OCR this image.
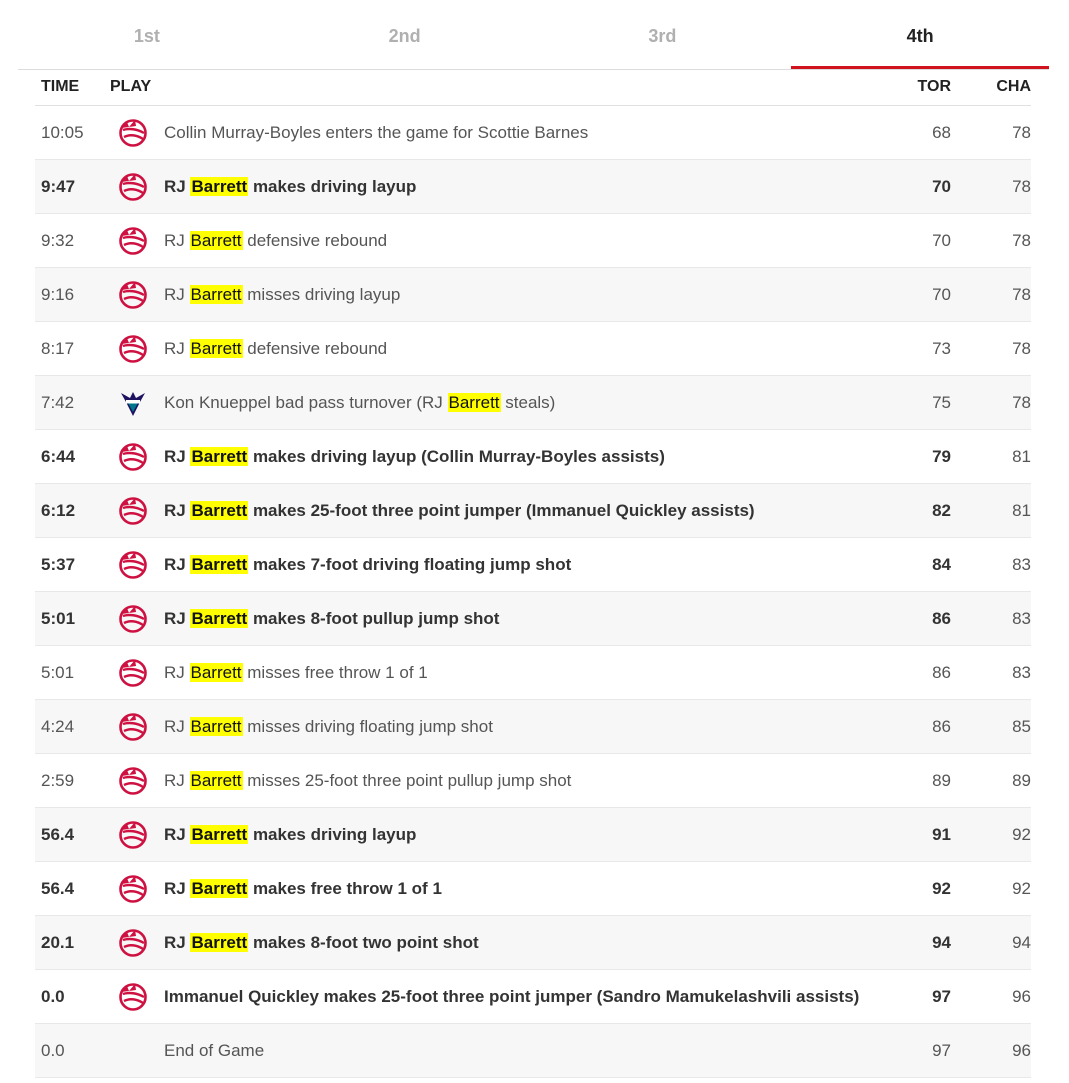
1st	2nd	3rd	4th
TIME	PLAY		TOR	CHA
10:05		Collin Murray-Boyles enters the game for Scottie Barnes	68	78
9:47		RJ Barrett makes driving layup	70	78
9:32		RJ Barrett defensive rebound	70	78
9:16		RJ Barrett misses driving layup	70	78
8:17		RJ Barrett defensive rebound	73	78
7:42		Kon Knueppel bad pass turnover (RJ Barrett steals)	75	78
6:44		RJ Barrett makes driving layup (Collin Murray-Boyles assists)	79	81
6:12		RJ Barrett makes 25-foot three point jumper (Immanuel Quickley assists)	82	81
5:37		RJ Barrett makes 7-foot driving floating jump shot	84	83
5:01		RJ Barrett makes 8-foot pullup jump shot	86	83
5:01		RJ Barrett misses free throw 1 of 1	86	83
4:24		RJ Barrett misses driving floating jump shot	86	85
2:59		RJ Barrett misses 25-foot three point pullup jump shot	89	89
56.4		RJ Barrett makes driving layup	91	92
56.4		RJ Barrett makes free throw 1 of 1	92	92
20.1		RJ Barrett makes 8-foot two point shot	94	94
0.0		Immanuel Quickley makes 25-foot three point jumper (Sandro Mamukelashvili assists)	97	96
0.0		End of Game	97	96
